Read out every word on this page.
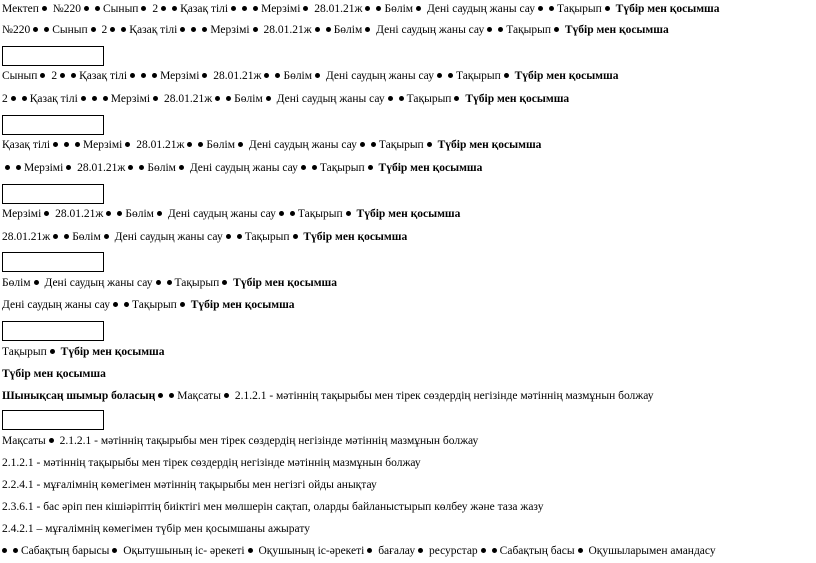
Мектеп №220 Сынып 2 Қазақ тілі	Мерзімі 28.01.21ж Бөлім Дені саудың жаны сау Тақырып Түбір мен қосымша
№220 Сынып 2 Қазақ тілі	Мерзімі 28.01.21ж Бөлім Дені саудың жаны сау Тақырып Түбір мен қосымша
Сынып 2 Қазақ тілі	Мерзімі 28.01.21ж Бөлім Дені саудың жаны сау Тақырып Түбір мен қосымша
2 Қазақ тілі	Мерзімі 28.01.21ж Бөлім Дені саудың жаны сау Тақырып Түбір мен қосымша
Қазақ тілі	Мерзімі 28.01.21ж Бөлім Дені саудың жаны сау Тақырып Түбір мен қосымша
Мерзімі 28.01.21ж Бөлім Дені саудың жаны сау Тақырып Түбір мен қосымша
Мерзімі 28.01.21ж Бөлім Дені саудың жаны сау Тақырып Түбір мен қосымша
28.01.21ж Бөлім Дені саудың жаны сау Тақырып Түбір мен қосымша
Бөлім Дені саудың жаны сау Тақырып Түбір мен қосымша
Дені саудың жаны сау Тақырып Түбір мен қосымша
Тақырып Түбір мен қосымша
Түбір мен қосымша
Шынықсаң шымыр боласың Мақсаты 2.1.2.1 - мәтіннің тақырыбы мен тірек сөздердің негізінде мәтіннің мазмұнын болжау
Мақсаты 2.1.2.1 - мәтіннің тақырыбы мен тірек сөздердің негізінде мәтіннің мазмұнын болжау
2.1.2.1 - мәтіннің тақырыбы мен тірек сөздердің негізінде мәтіннің мазмұнын болжау
2.2.4.1 - мұғалімнің көмегімен мәтіннің тақырыбы мен негізгі ойды анықтау
2.3.6.1 - бас әріп пен кішіәріптің биіктігі мен мөлшерін сақтап, оларды байланыстырып көлбеу және таза жазу
2.4.2.1 – мұғалімнің көмегімен түбір мен қосымшаны ажырату
Сабақтың барысы Оқытушының іс- әрекеті Оқушының іс-әрекеті бағалау ресурстар Сабақтың басы Оқушыларымен амандасу
